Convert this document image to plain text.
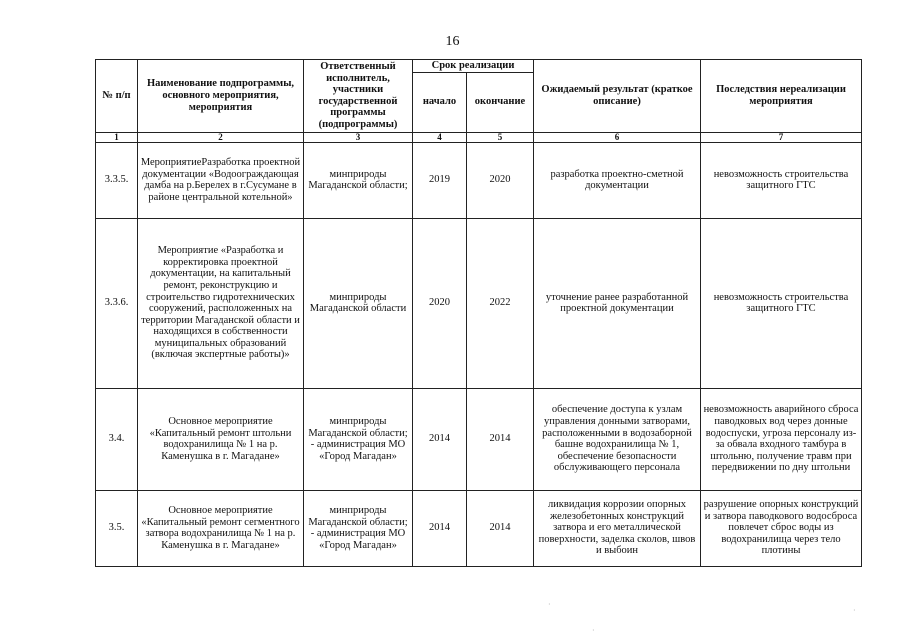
16
№ п/п	Наименование подпрограммы, основного мероприятия, мероприятия	Ответственный исполнитель, участники государственной программы (подпрограммы)	Срок реализации		Ожидаемый результат (краткое описание)	Последствия нереализации мероприятия
			начало	окончание		
1	2	3	4	5	6	7
3.3.5.	МероприятиеРазработка проектной документации «Водоограждающая дамба на р.Берелех в г.Сусумане в районе центральной котельной»	минприроды Магаданской области;	2019	2020	разработка проектно-сметной документации	невозможность строительства защитного ГТС
3.3.6.	Мероприятие «Разработка и корректировка проектной документации, на капитальный ремонт, реконструкцию и строительство гидротехнических сооружений, расположенных на территории Магаданской области и находящихся в собственности муниципальных образований (включая экспертные работы)»	минприроды Магаданской области	2020	2022	уточнение ранее разработанной проектной документации	невозможность строительства защитного ГТС
3.4.	Основное мероприятие «Капитальный ремонт штольни водохранилища № 1 на р. Каменушка в г. Магадане»	минприроды Магаданской области; - администрация МО «Город Магадан»	2014	2014	обеспечение доступа к узлам управления донными затворами, расположенными в водозаборной башне водохранилища № 1, обеспечение безопасности обслуживающего персонала	невозможность аварийного сброса паводковых вод через донные водоспуски, угроза персоналу из-за обвала входного тамбура в штольню, получение травм при передвижении по дну штольни
3.5.	Основное мероприятие «Капитальный ремонт сегментного затвора водохранилища № 1 на р. Каменушка в г. Магадане»	минприроды Магаданской области; - администрация МО «Город Магадан»	2014	2014	ликвидация коррозии опорных железобетонных конструкций затвора и его металлической поверхности, заделка сколов, швов и выбоин	разрушение опорных конструкций и затвора паводкового водосброса повлечет сброс воды из водохранилища через тело плотины
·
·
·
